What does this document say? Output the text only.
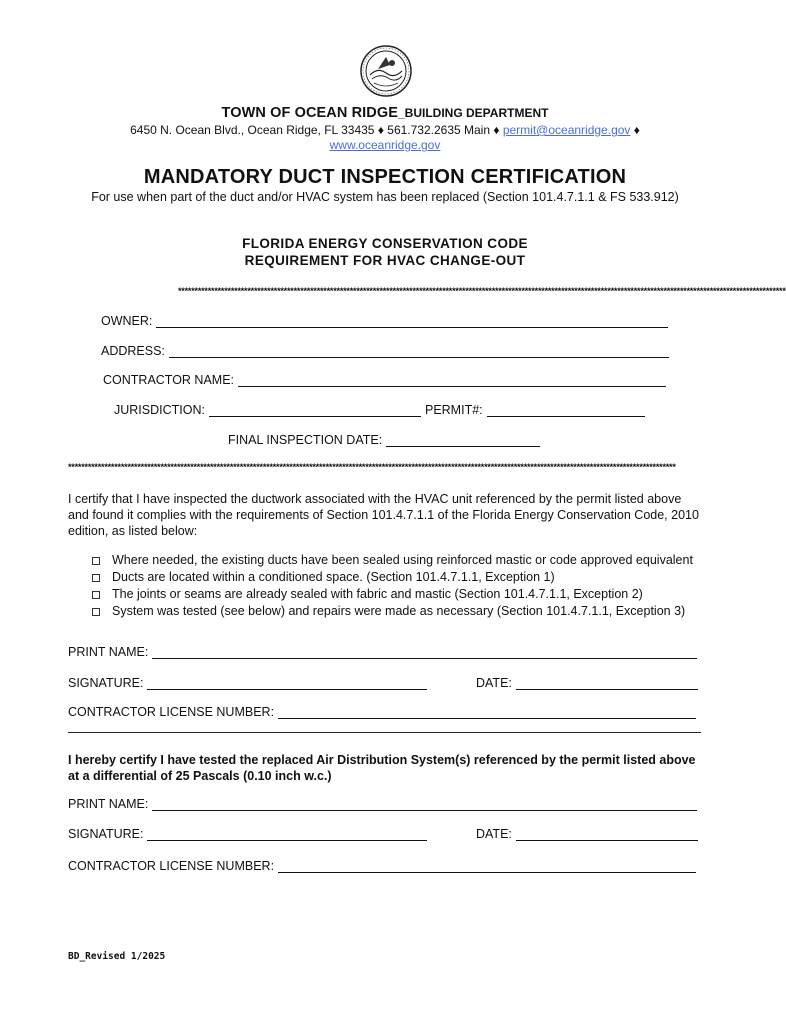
TOWN OF OCEAN RIDGE_BUILDING DEPARTMENT
6450 N. Ocean Blvd., Ocean Ridge, FL 33435 ♦ 561.732.2635 Main ♦ permit@oceanridge.gov ♦
www.oceanridge.gov
MANDATORY DUCT INSPECTION CERTIFICATION
For use when part of the duct and/or HVAC system has been replaced (Section 101.4.7.1.1 & FS 533.912)
FLORIDA ENERGY CONSERVATION CODE
REQUIREMENT FOR HVAC CHANGE-OUT
****************************************************************************************************************************************************************************************
OWNER:
ADDRESS:
CONTRACTOR NAME:
JURISDICTION:	PERMIT#:
FINAL INSPECTION DATE:
****************************************************************************************************************************************************************************************
I certify that I have inspected the ductwork associated with the HVAC unit referenced by the permit listed above and found it complies with the requirements of Section 101.4.7.1.1 of the Florida Energy Conservation Code, 2010 edition, as listed below:
Where needed, the existing ducts have been sealed using reinforced mastic or code approved equivalent
Ducts are located within a conditioned space. (Section 101.4.7.1.1, Exception 1)
The joints or seams are already sealed with fabric and mastic (Section 101.4.7.1.1, Exception 2)
System was tested (see below) and repairs were made as necessary (Section 101.4.7.1.1, Exception 3)
PRINT NAME:
SIGNATURE:	DATE:
CONTRACTOR LICENSE NUMBER:
I hereby certify I have tested the replaced Air Distribution System(s) referenced by the permit listed above at a differential of 25 Pascals (0.10 inch w.c.)
PRINT NAME:
SIGNATURE:	DATE:
CONTRACTOR LICENSE NUMBER:
BD_Revised 1/2025
